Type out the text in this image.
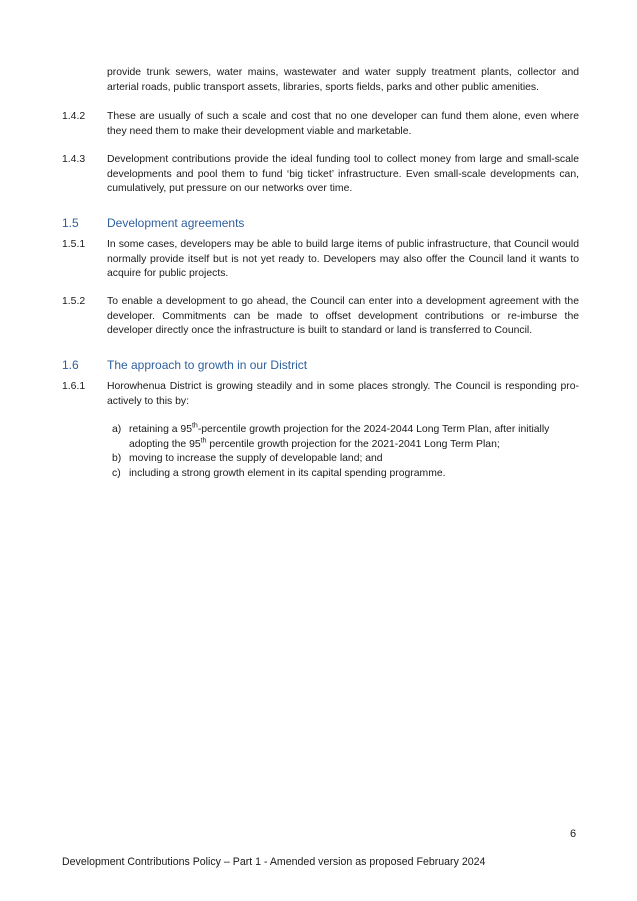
provide trunk sewers, water mains, wastewater and water supply treatment plants, collector and arterial roads, public transport assets, libraries, sports fields, parks and other public amenities.
1.4.2 These are usually of such a scale and cost that no one developer can fund them alone, even where they need them to make their development viable and marketable.
1.4.3 Development contributions provide the ideal funding tool to collect money from large and small-scale developments and pool them to fund ‘big ticket’ infrastructure. Even small-scale developments can, cumulatively, put pressure on our networks over time.
1.5 Development agreements
1.5.1 In some cases, developers may be able to build large items of public infrastructure, that Council would normally provide itself but is not yet ready to. Developers may also offer the Council land it wants to acquire for public projects.
1.5.2 To enable a development to go ahead, the Council can enter into a development agreement with the developer. Commitments can be made to offset development contributions or re-imburse the developer directly once the infrastructure is built to standard or land is transferred to Council.
1.6 The approach to growth in our District
1.6.1 Horowhenua District is growing steadily and in some places strongly. The Council is responding pro-actively to this by:
a) retaining a 95th-percentile growth projection for the 2024-2044 Long Term Plan, after initially adopting the 95th percentile growth projection for the 2021-2041 Long Term Plan;
b) moving to increase the supply of developable land; and
c) including a strong growth element in its capital spending programme.
6
Development Contributions Policy – Part 1 - Amended version as proposed February 2024
